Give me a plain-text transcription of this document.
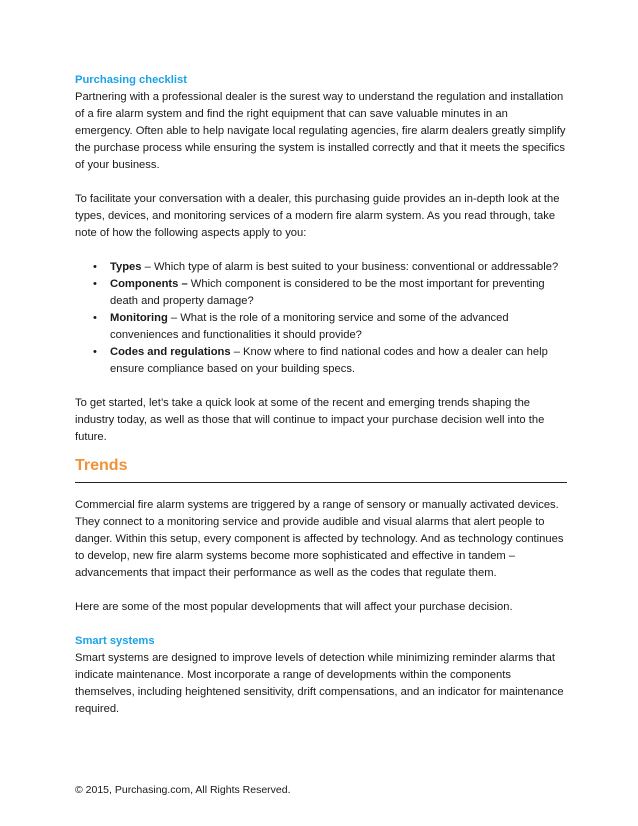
Purchasing checklist

Partnering with a professional dealer is the surest way to understand the regulation and installation of a fire alarm system and find the right equipment that can save valuable minutes in an emergency. Often able to help navigate local regulating agencies, fire alarm dealers greatly simplify the purchase process while ensuring the system is installed correctly and that it meets the specifics of your business.

To facilitate your conversation with a dealer, this purchasing guide provides an in-depth look at the types, devices, and monitoring services of a modern fire alarm system. As you read through, take note of how the following aspects apply to you:

• Types – Which type of alarm is best suited to your business: conventional or addressable?
• Components – Which component is considered to be the most important for preventing death and property damage?
• Monitoring – What is the role of a monitoring service and some of the advanced conveniences and functionalities it should provide?
• Codes and regulations – Know where to find national codes and how a dealer can help ensure compliance based on your building specs.

To get started, let’s take a quick look at some of the recent and emerging trends shaping the industry today, as well as those that will continue to impact your purchase decision well into the future.

Trends

Commercial fire alarm systems are triggered by a range of sensory or manually activated devices. They connect to a monitoring service and provide audible and visual alarms that alert people to danger. Within this setup, every component is affected by technology. And as technology continues to develop, new fire alarm systems become more sophisticated and effective in tandem – advancements that impact their performance as well as the codes that regulate them.

Here are some of the most popular developments that will affect your purchase decision.

Smart systems

Smart systems are designed to improve levels of detection while minimizing reminder alarms that indicate maintenance. Most incorporate a range of developments within the components themselves, including heightened sensitivity, drift compensations, and an indicator for maintenance required.

© 2015, Purchasing.com, All Rights Reserved.
